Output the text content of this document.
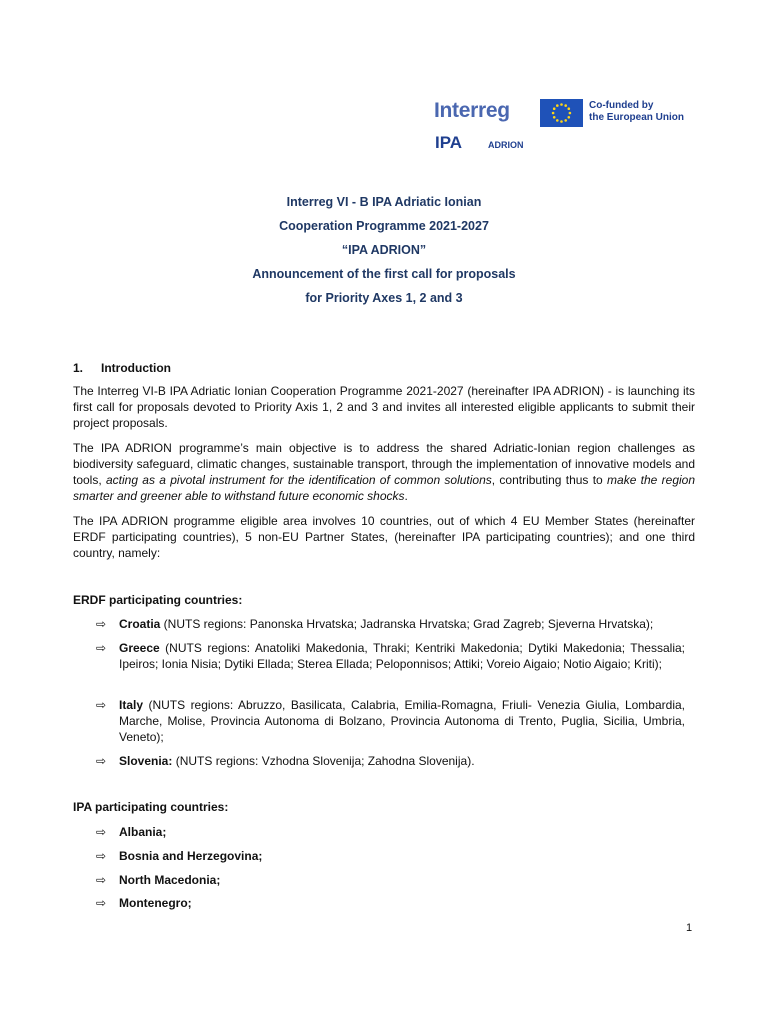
Interreg
IPA	ADRION
Co-funded by
the European Union
Interreg VI - B IPA Adriatic Ionian
Cooperation Programme 2021-2027
“IPA ADRION”
Announcement of the first call for proposals
for Priority Axes 1, 2 and 3
1. Introduction
The Interreg VI-B IPA Adriatic Ionian Cooperation Programme 2021-2027 (hereinafter IPA ADRION) - is launching its first call for proposals devoted to Priority Axis 1, 2 and 3 and invites all interested eligible applicants to submit their project proposals.
The IPA ADRION programme’s main objective is to address the shared Adriatic-Ionian region challenges as biodiversity safeguard, climatic changes, sustainable transport, through the implementation of innovative models and tools, acting as a pivotal instrument for the identification of common solutions, contributing thus to make the region smarter and greener able to withstand future economic shocks.
The IPA ADRION programme eligible area involves 10 countries, out of which 4 EU Member States (hereinafter ERDF participating countries), 5 non-EU Partner States, (hereinafter IPA participating countries); and one third country, namely:
ERDF participating countries:
⇨ Croatia (NUTS regions: Panonska Hrvatska; Jadranska Hrvatska; Grad Zagreb; Sjeverna Hrvatska);
⇨ Greece (NUTS regions: Anatoliki Makedonia, Thraki; Kentriki Makedonia; Dytiki Makedonia; Thessalia; Ipeiros; Ionia Nisia; Dytiki Ellada; Sterea Ellada; Peloponnisos; Attiki; Voreio Aigaio; Notio Aigaio; Kriti);
⇨ Italy (NUTS regions: Abruzzo, Basilicata, Calabria, Emilia-Romagna, Friuli- Venezia Giulia, Lombardia, Marche, Molise, Provincia Autonoma di Bolzano, Provincia Autonoma di Trento, Puglia, Sicilia, Umbria, Veneto);
⇨ Slovenia: (NUTS regions: Vzhodna Slovenija; Zahodna Slovenija).
IPA participating countries:
⇨ Albania;
⇨ Bosnia and Herzegovina;
⇨ North Macedonia;
⇨ Montenegro;
1
